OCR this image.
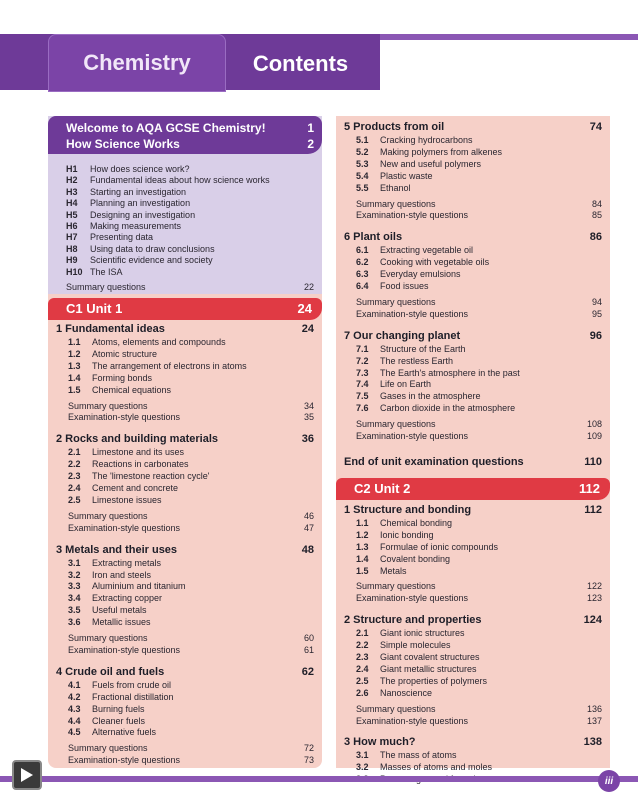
Chemistry	Contents
Welcome to AQA GCSE Chemistry!	1
How Science Works	2
H1 How does science work?
H2 Fundamental ideas about how science works
H3 Starting an investigation
H4 Planning an investigation
H5 Designing an investigation
H6 Making measurements
H7 Presenting data
H8 Using data to draw conclusions
H9 Scientific evidence and society
H10 The ISA
Summary questions	22
C1 Unit 1	24
1 Fundamental ideas	24
1.1 Atoms, elements and compounds
1.2 Atomic structure
1.3 The arrangement of electrons in atoms
1.4 Forming bonds
1.5 Chemical equations
Summary questions	34
Examination-style questions	35
2 Rocks and building materials	36
2.1 Limestone and its uses
2.2 Reactions in carbonates
2.3 The 'limestone reaction cycle'
2.4 Cement and concrete
2.5 Limestone issues
Summary questions	46
Examination-style questions	47
3 Metals and their uses	48
3.1 Extracting metals
3.2 Iron and steels
3.3 Aluminium and titanium
3.4 Extracting copper
3.5 Useful metals
3.6 Metallic issues
Summary questions	60
Examination-style questions	61
4 Crude oil and fuels	62
4.1 Fuels from crude oil
4.2 Fractional distillation
4.3 Burning fuels
4.4 Cleaner fuels
4.5 Alternative fuels
Summary questions	72
Examination-style questions	73
5 Products from oil	74
5.1 Cracking hydrocarbons
5.2 Making polymers from alkenes
5.3 New and useful polymers
5.4 Plastic waste
5.5 Ethanol
Summary questions	84
Examination-style questions	85
6 Plant oils	86
6.1 Extracting vegetable oil
6.2 Cooking with vegetable oils
6.3 Everyday emulsions
6.4 Food issues
Summary questions	94
Examination-style questions	95
7 Our changing planet	96
7.1 Structure of the Earth
7.2 The restless Earth
7.3 The Earth's atmosphere in the past
7.4 Life on Earth
7.5 Gases in the atmosphere
7.6 Carbon dioxide in the atmosphere
Summary questions	108
Examination-style questions	109
End of unit examination questions	110
C2 Unit 2	112
1 Structure and bonding	112
1.1 Chemical bonding
1.2 Ionic bonding
1.3 Formulae of ionic compounds
1.4 Covalent bonding
1.5 Metals
Summary questions	122
Examination-style questions	123
2 Structure and properties	124
2.1 Giant ionic structures
2.2 Simple molecules
2.3 Giant covalent structures
2.4 Giant metallic structures
2.5 The properties of polymers
2.6 Nanoscience
Summary questions	136
Examination-style questions	137
3 How much?	138
3.1 The mass of atoms
3.2 Masses of atoms and moles
iii
